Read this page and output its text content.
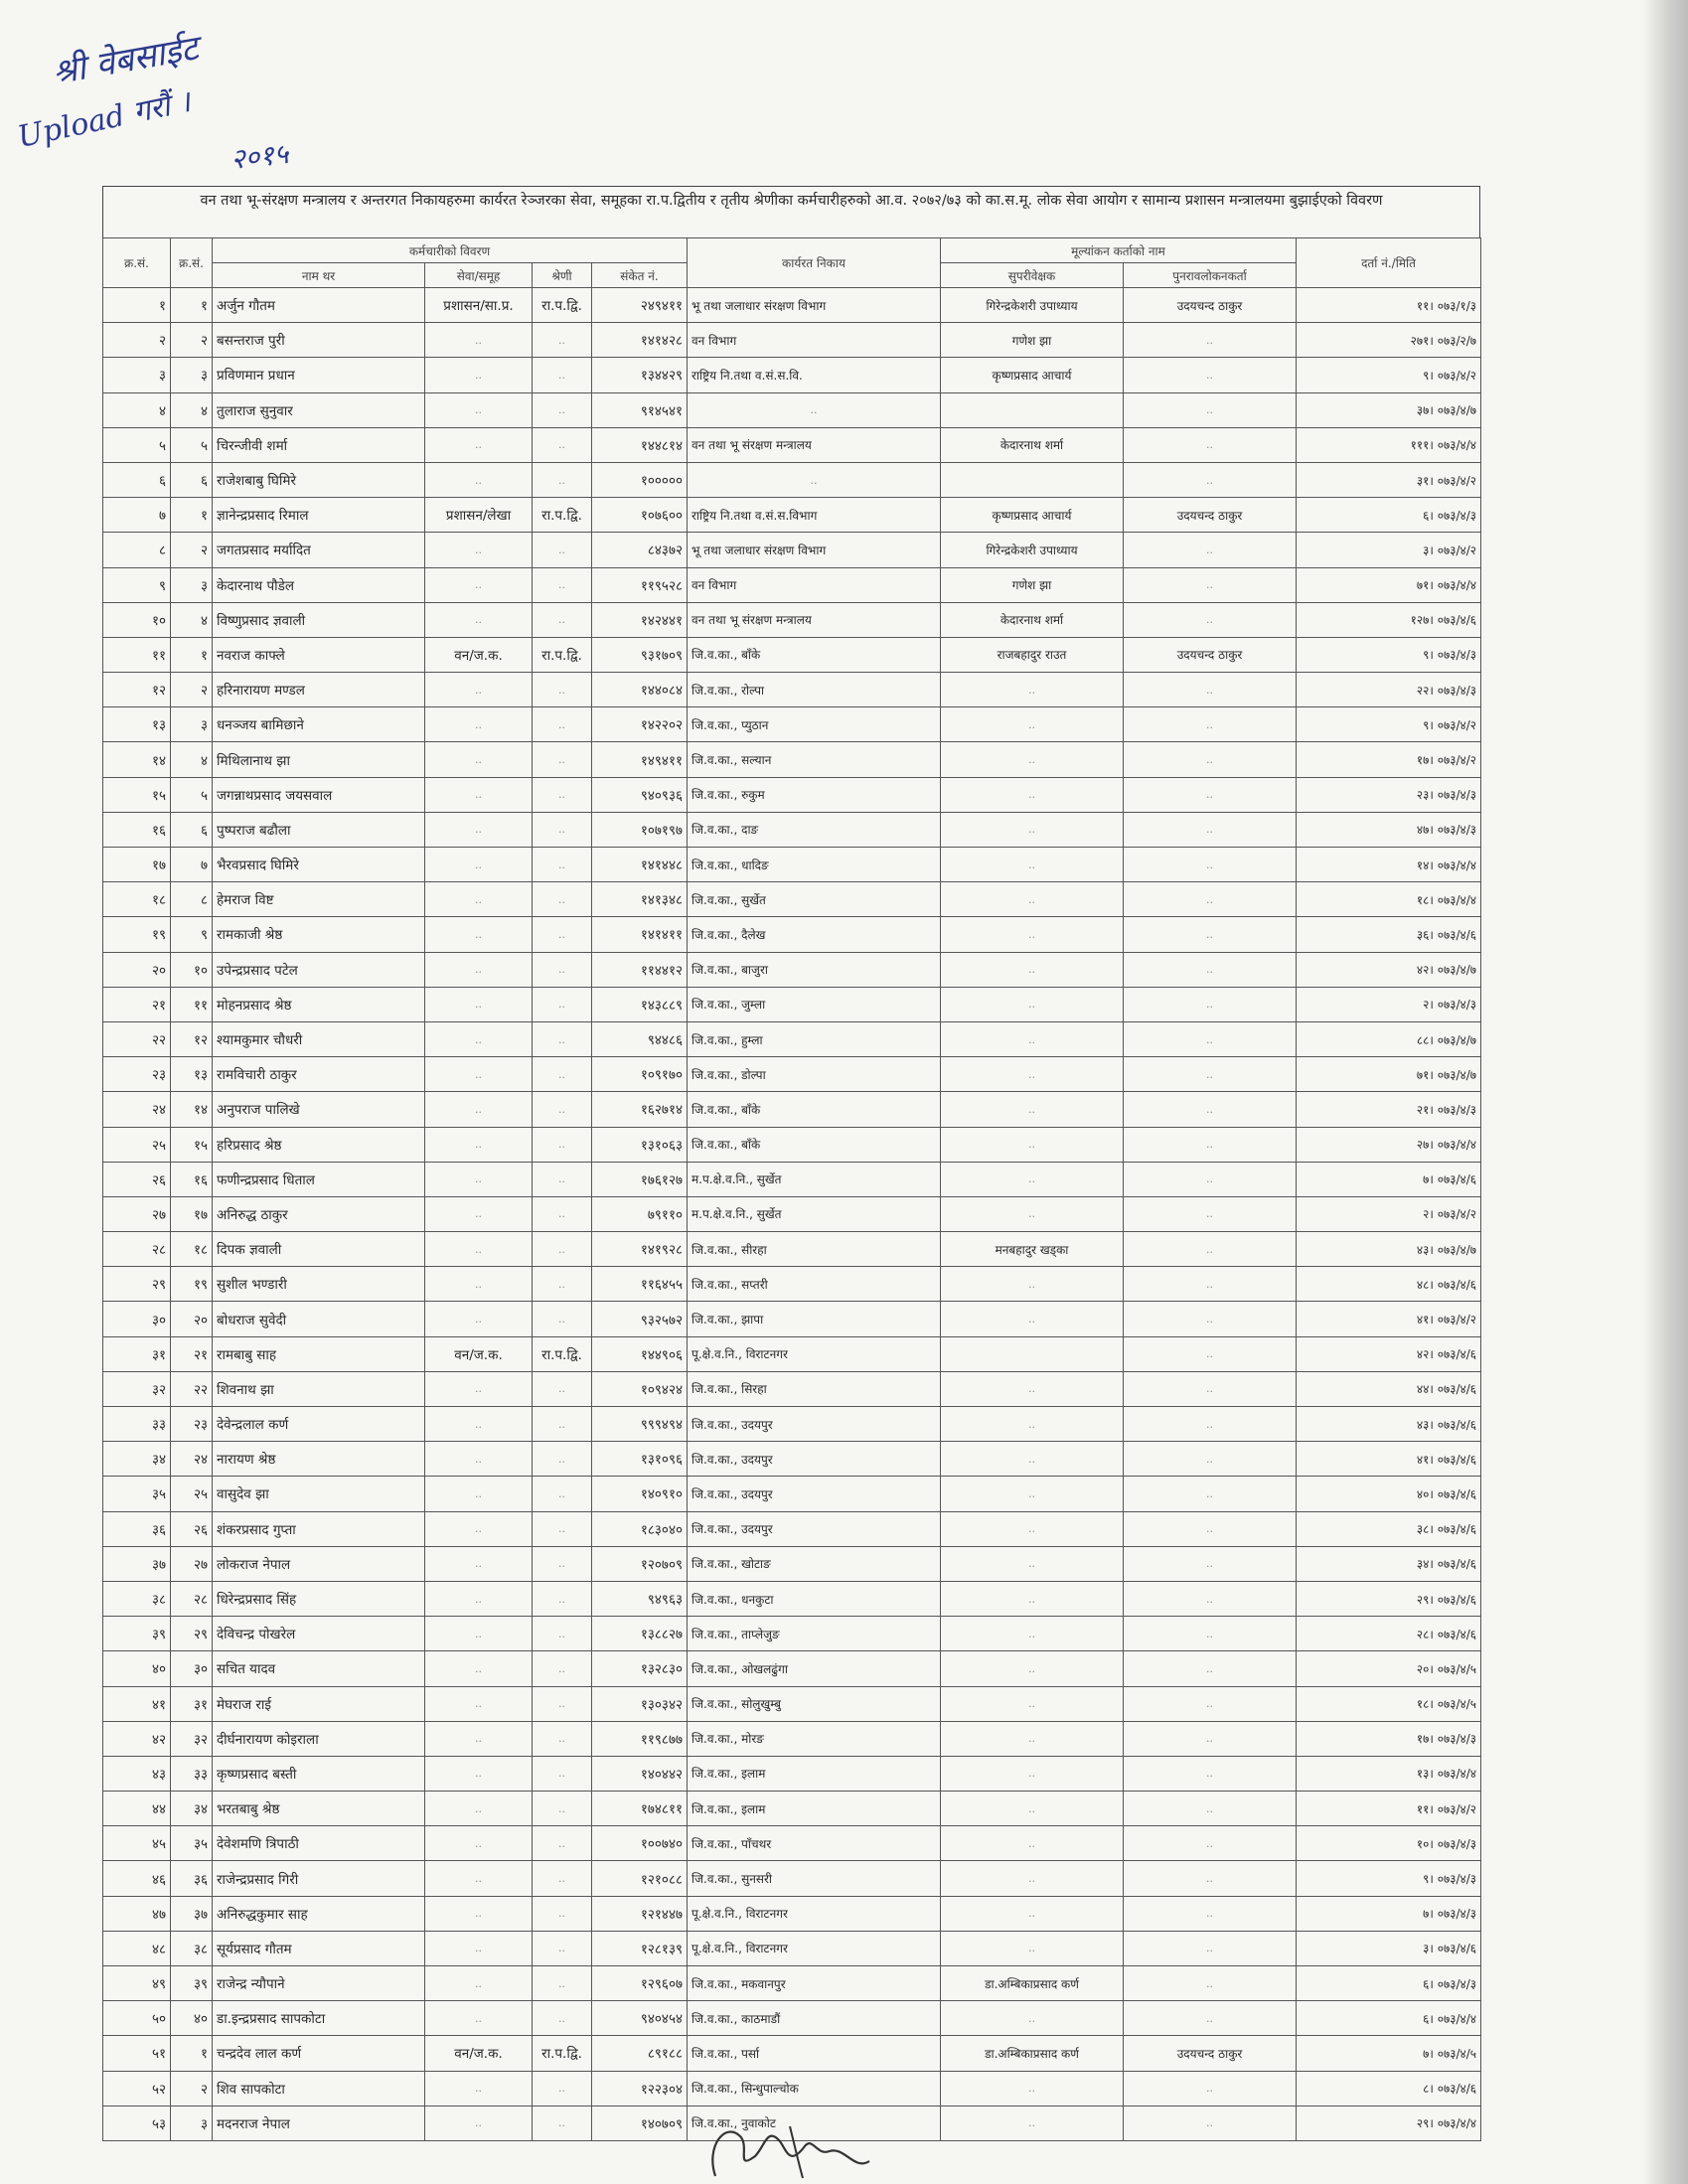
श्री वेबसाईट
Upload गरौं ।
२०१५
वन तथा भू-संरक्षण मन्त्रालय र अन्तरगत निकायहरुमा कार्यरत रेञ्जरका सेवा, समूहका रा.प.द्वितीय र तृतीय श्रेणीका कर्मचारीहरुको आ.व. २०७२/७३ को का.स.मू. लोक सेवा आयोग र सामान्य प्रशासन मन्त्रालयमा बुझाईएको विवरण
क्र.सं.	क्र.सं.	कर्मचारीको विवरण				कार्यरत निकाय	मूल्यांकन कर्ताको नाम		दर्ता नं./मिति
		नाम थर	सेवा/समूह	श्रेणी	संकेत नं.		सुपरीवेक्षक	पुनरावलोकनकर्ता	
१	१	अर्जुन गौतम	प्रशासन/सा.प्र.	रा.प.द्वि.	२४९४११	भू तथा जलाधार संरक्षण विभाग	गिरेन्द्रकेशरी उपाध्याय	उदयचन्द ठाकुर	११। ०७३/१/३
२	२	बसन्तराज पुरी	..	..	१४१४२८	वन विभाग	गणेश झा	..	२७१। ०७३/२/७
३	३	प्रविणमान प्रधान	..	..	१३४४२९	राष्ट्रिय नि.तथा व.सं.स.वि.	कृष्णप्रसाद आचार्य	..	९। ०७३/४/२
४	४	तुलाराज सुनुवार	..	..	९१४५४१	..		..	३७। ०७३/४/७
५	५	चिरन्जीवी शर्मा	..	..	१४४८१४	वन तथा भू संरक्षण मन्त्रालय	केदारनाथ शर्मा	..	१११। ०७३/४/४
६	६	राजेशबाबु घिमिरे	..	..	१०००००	..		..	३१। ०७३/४/२
७	१	ज्ञानेन्द्रप्रसाद रिमाल	प्रशासन/लेखा	रा.प.द्वि.	१०७६००	राष्ट्रिय नि.तथा व.सं.स.विभाग	कृष्णप्रसाद आचार्य	उदयचन्द ठाकुर	६। ०७३/४/३
८	२	जगतप्रसाद मर्यादित	..	..	८४३७२	भू तथा जलाधार संरक्षण विभाग	गिरेन्द्रकेशरी उपाध्याय	..	३। ०७३/४/२
९	३	केदारनाथ पौडेल	..	..	११९५२८	वन विभाग	गणेश झा	..	७१। ०७३/४/४
१०	४	विष्णुप्रसाद ज्ञवाली	..	..	१४२४४१	वन तथा भू संरक्षण मन्त्रालय	केदारनाथ शर्मा	..	१२७। ०७३/४/६
११	१	नवराज काफ्ले	वन/ज.क.	रा.प.द्वि.	९३१७०९	जि.व.का., बाँके	राजबहादुर राउत	उदयचन्द ठाकुर	९। ०७३/४/३
१२	२	हरिनारायण मण्डल	..	..	१४४०८४	जि.व.का., रोल्पा	..	..	२२। ०७३/४/३
१३	३	धनञ्जय बामिछाने	..	..	१४२२०२	जि.व.का., प्युठान	..	..	९। ०७३/४/२
१४	४	मिथिलानाथ झा	..	..	१४९४११	जि.व.का., सल्यान	..	..	१७। ०७३/४/२
१५	५	जगन्नाथप्रसाद जयसवाल	..	..	९४०९३६	जि.व.का., रुकुम	..	..	२३। ०७३/४/३
१६	६	पुष्पराज बढौला	..	..	१०७१९७	जि.व.का., दाङ	..	..	४७। ०७३/४/३
१७	७	भैरवप्रसाद घिमिरे	..	..	१४१४४८	जि.व.का., धादिङ	..	..	१४। ०७३/४/४
१८	८	हेमराज विष्ट	..	..	१४१३४८	जि.व.का., सुर्खेत	..	..	१८। ०७३/४/४
१९	९	रामकाजी श्रेष्ठ	..	..	१४१४११	जि.व.का., दैलेख	..	..	३६। ०७३/४/६
२०	१०	उपेन्द्रप्रसाद पटेल	..	..	११४४१२	जि.व.का., बाजुरा	..	..	४२। ०७३/४/७
२१	११	मोहनप्रसाद श्रेष्ठ	..	..	१४३८८९	जि.व.का., जुम्ला	..	..	२। ०७३/४/३
२२	१२	श्यामकुमार चौधरी	..	..	९४४८६	जि.व.का., हुम्ला	..	..	८८। ०७३/४/७
२३	१३	रामविचारी ठाकुर	..	..	१०९१७०	जि.व.का., डोल्पा	..	..	७१। ०७३/४/७
२४	१४	अनुपराज पालिखे	..	..	१६२७१४	जि.व.का., बाँके	..	..	२१। ०७३/४/३
२५	१५	हरिप्रसाद श्रेष्ठ	..	..	१३१०६३	जि.व.का., बाँके	..	..	२७। ०७३/४/४
२६	१६	फणीन्द्रप्रसाद धिताल	..	..	१७६१२७	म.प.क्षे.व.नि., सुर्खेत	..	..	७। ०७३/४/६
२७	१७	अनिरुद्ध ठाकुर	..	..	७९११०	म.प.क्षे.व.नि., सुर्खेत	..	..	२। ०७३/४/२
२८	१८	दिपक ज्ञवाली	..	..	१४१९२८	जि.व.का., सीरहा	मनबहादुर खड्का	..	४३। ०७३/४/७
२९	१९	सुशील भण्डारी	..	..	११६४५५	जि.व.का., सप्तरी	..	..	४८। ०७३/४/६
३०	२०	बोधराज सुवेदी	..	..	९३२५७२	जि.व.का., झापा	..	..	४१। ०७३/४/२
३१	२१	रामबाबु साह	वन/ज.क.	रा.प.द्वि.	१४४९०६	पू.क्षे.व.नि., विराटनगर		..	४२। ०७३/४/६
३२	२२	शिवनाथ झा	..	..	१०९४२४	जि.व.का., सिरहा	..	..	४४। ०७३/४/६
३३	२३	देवेन्द्रलाल कर्ण	..	..	९९९४९४	जि.व.का., उदयपुर	..	..	४३। ०७३/४/६
३४	२४	नारायण श्रेष्ठ	..	..	१३१०९६	जि.व.का., उदयपुर	..	..	४१। ०७३/४/६
३५	२५	वासुदेव झा	..	..	१४०९१०	जि.व.का., उदयपुर	..	..	४०। ०७३/४/६
३६	२६	शंकरप्रसाद गुप्ता	..	..	१८३०४०	जि.व.का., उदयपुर	..	..	३८। ०७३/४/६
३७	२७	लोकराज नेपाल	..	..	१२०७०९	जि.व.का., खोटाङ	..	..	३४। ०७३/४/६
३८	२८	धिरेन्द्रप्रसाद सिंह	..	..	९४९६३	जि.व.का., धनकुटा	..	..	२९। ०७३/४/६
३९	२९	देविचन्द्र पोखरेल	..	..	१३८८२७	जि.व.का., ताप्लेजुङ	..	..	२८। ०७३/४/६
४०	३०	सचित यादव	..	..	१३२८३०	जि.व.का., ओखलढुंगा	..	..	२०। ०७३/४/५
४१	३१	मेघराज राई	..	..	१३०३४२	जि.व.का., सोलुखुम्बु	..	..	१८। ०७३/४/५
४२	३२	दीर्घनारायण कोइराला	..	..	११९८७७	जि.व.का., मोरङ	..	..	१७। ०७३/४/३
४३	३३	कृष्णप्रसाद बस्ती	..	..	१४०४४२	जि.व.का., इलाम	..	..	१३। ०७३/४/४
४४	३४	भरतबाबु श्रेष्ठ	..	..	१७४८११	जि.व.का., इलाम	..	..	११। ०७३/४/२
४५	३५	देवेशमणि त्रिपाठी	..	..	१००७४०	जि.व.का., पाँचथर	..	..	१०। ०७३/४/३
४६	३६	राजेन्द्रप्रसाद गिरी	..	..	१२१०८८	जि.व.का., सुनसरी	..	..	९। ०७३/४/३
४७	३७	अनिरुद्धकुमार साह	..	..	१२१४४७	पू.क्षे.व.नि., विराटनगर	..	..	७। ०७३/४/३
४८	३८	सूर्यप्रसाद गौतम	..	..	१२८१३९	पू.क्षे.व.नि., विराटनगर	..	..	३। ०७३/४/६
४९	३९	राजेन्द्र न्यौपाने	..	..	१२९६०७	जि.व.का., मकवानपुर	डा.अम्बिकाप्रसाद कर्ण	..	६। ०७३/४/३
५०	४०	डा.इन्द्रप्रसाद सापकोटा	..	..	९४०४५४	जि.व.का., काठमाडौं	..	..	६। ०७३/४/४
५१	१	चन्द्रदेव लाल कर्ण	वन/ज.क.	रा.प.द्वि.	८९१८८	जि.व.का., पर्सा	डा.अम्बिकाप्रसाद कर्ण	उदयचन्द ठाकुर	७। ०७३/४/५
५२	२	शिव सापकोटा	..	..	१२२३०४	जि.व.का., सिन्धुपाल्चोक	..	..	८। ०७३/४/६
५३	३	मदनराज नेपाल	..	..	१४०७०९	जि.व.का., नुवाकोट	..	..	२९। ०७३/४/४
